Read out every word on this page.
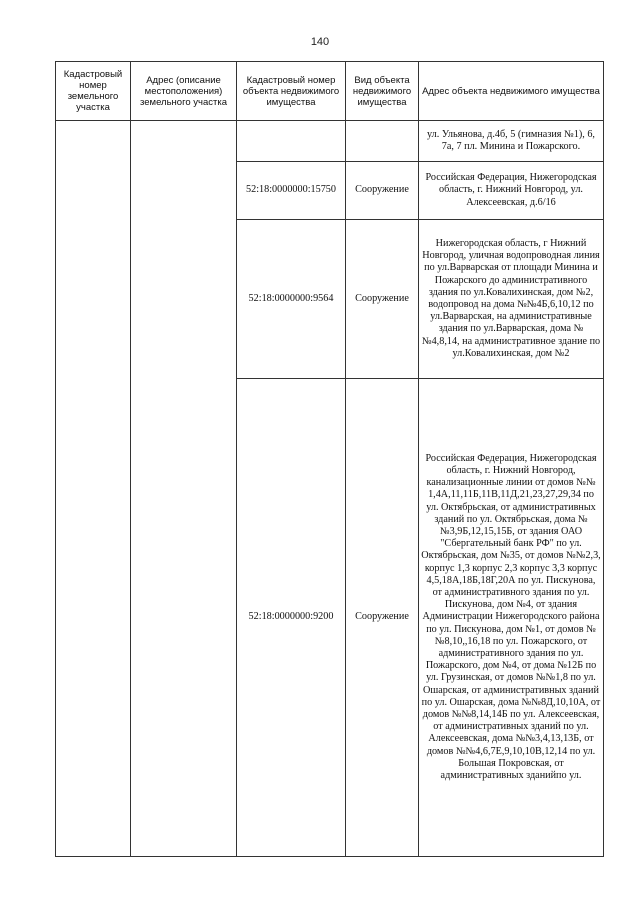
140
Кадастровый номер земельного участка	Адрес (описание местоположения) земельного участка	Кадастровый номер объекта недвижимого имущества	Вид объекта недвижимого имущества	Адрес объекта недвижимого имущества
				ул. Ульянова, д.4б, 5 (гимназия №1), 6, 7а, 7 пл. Минина и Пожарского.
		52:18:0000000:15750	Сооружение	Российская Федерация, Нижегородская область, г. Нижний Новгород, ул. Алексеевская, д.6/16
		52:18:0000000:9564	Сооружение	Нижегородская область, г Нижний Новгород, уличная водопроводная линия по ул.Варварская от площади Минина и Пожарского до административного здания по ул.Ковалихинская, дом №2, водопровод на дома №№4Б,6,10,12 по ул.Варварская, на административные здания по ул.Варварская, дома №№4,8,14, на административное здание по ул.Ковалихинская, дом №2
		52:18:0000000:9200	Сооружение	Российская Федерация, Нижегородская область, г. Нижний Новгород, канализационные линии от домов №№ 1,4А,11,11Б,11В,11Д,21,23,27,29,34 по ул. Октябрьская, от административных зданий по ул. Октябрьская, дома №№3,9Б,12,15,15Б, от здания ОАО "Сбергательный банк РФ" по ул. Октябрьская, дом №35, от домов №№2,3, корпус 1,3 корпус 2,3 корпус 3,3 корпус 4,5,18А,18Б,18Г,20А по ул. Пискунова, от административного здания по ул. Пискунова, дом №4, от здания Администрации Нижегородского района по ул. Пискунова, дом №1, от домов №№8,10,,16,18 по ул. Пожарского, от административного здания по ул. Пожарского, дом №4, от дома №12Б по ул. Грузинская, от домов №№1,8 по ул. Ошарская, от административных зданий по ул. Ошарская, дома №№8Д,10,10А, от домов №№8,14,14Б по ул. Алексеевская, от административных зданий по ул. Алексеевская, дома №№3,4,13,13Б, от домов №№4,6,7Е,9,10,10В,12,14 по ул. Большая Покровская, от административных зданийпо ул.
